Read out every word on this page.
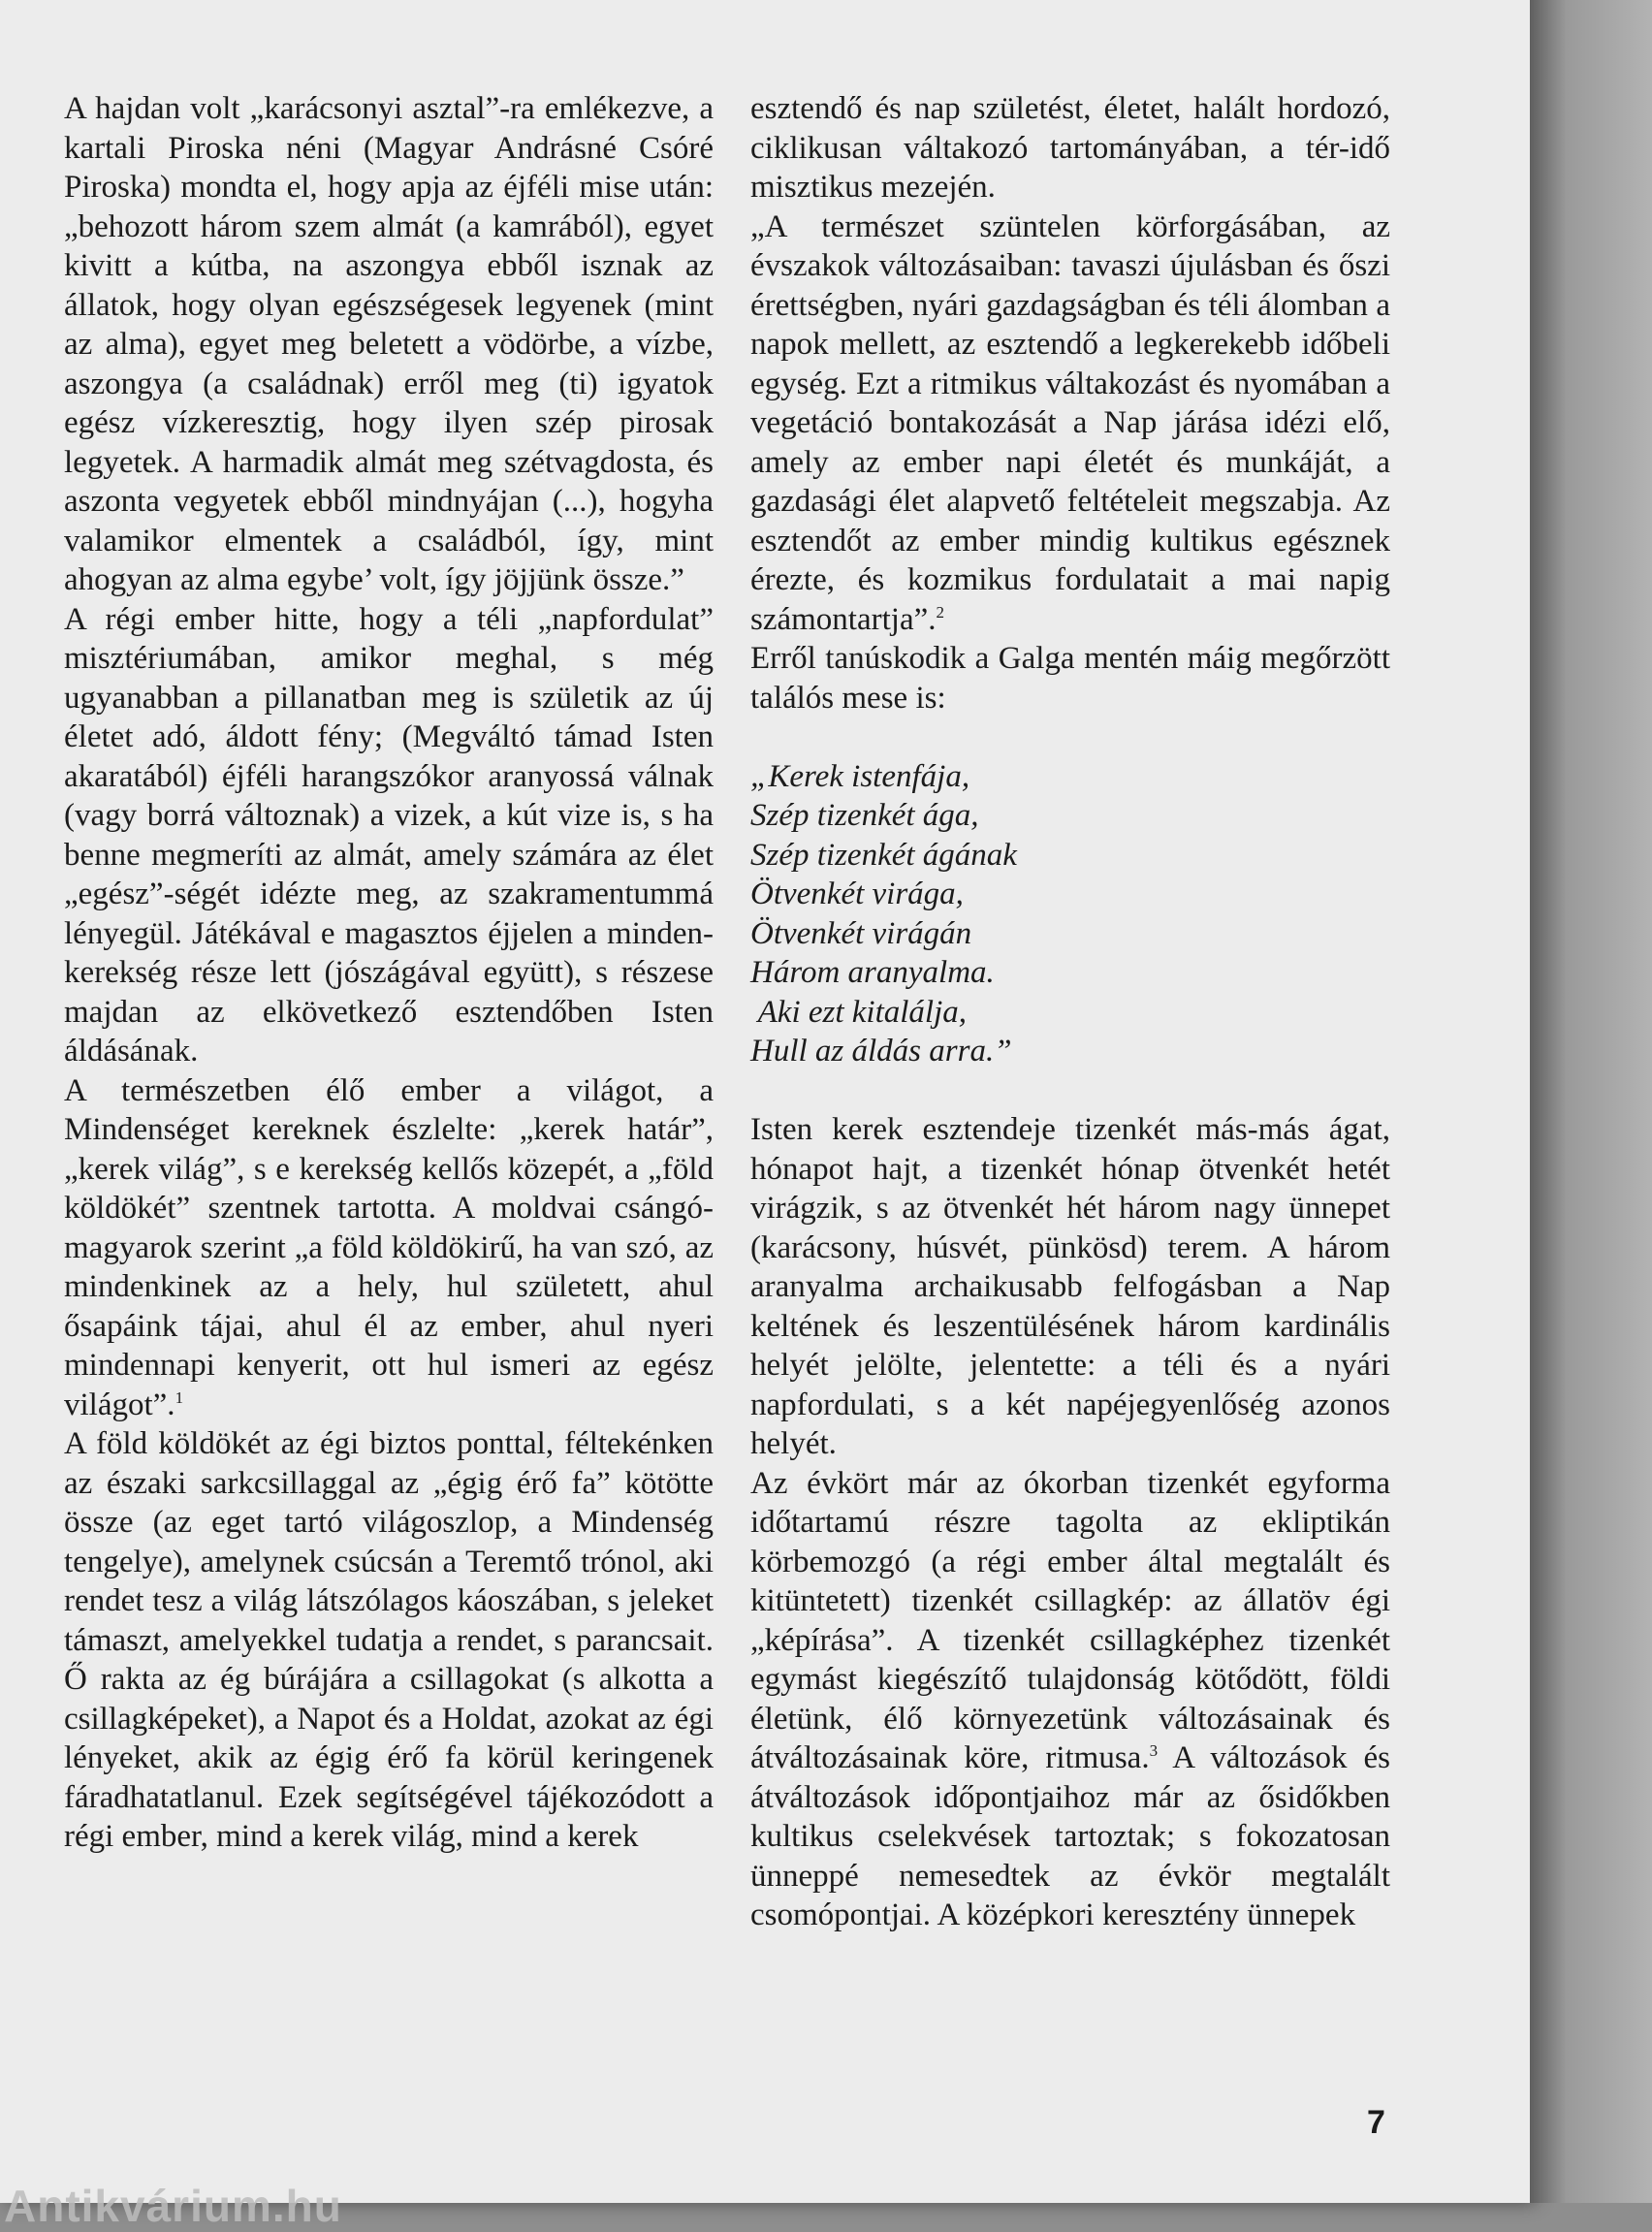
A hajdan volt „karácsonyi asztal”-ra emlékezve, a kartali Piroska néni (Magyar Andrásné Csóré Piroska) mondta el, hogy apja az éjféli mise után: „behozott három szem almát (a kamrából), egyet kivitt a kútba, na aszongya ebből isznak az állatok, hogy olyan egészségesek legyenek (mint az alma), egyet meg beletett a vödörbe, a vízbe, aszongya (a családnak) erről meg (ti) igyatok egész vízkeresztig, hogy ilyen szép pirosak legyetek. A harmadik almát meg szétvagdosta, és aszonta vegyetek ebből mindnyájan (...), hogyha valamikor elmentek a családból, így, mint ahogyan az alma egybe’ volt, így jöjjünk össze.”

A régi ember hitte, hogy a téli „napfordulat” misztériumában, amikor meghal, s még ugyanabban a pillanatban meg is születik az új életet adó, áldott fény; (Megváltó támad Isten akaratából) éjféli harangszókor aranyossá válnak (vagy borrá változnak) a vizek, a kút vize is, s ha benne megmeríti az almát, amely számára az élet „egész”-ségét idézte meg, az szakramentummá lényegül. Játékával e magasztos éjjelen a minden-kerekség része lett (jószágával együtt), s részese majdan az elkövetkező esztendőben Isten áldásának.

A természetben élő ember a világot, a Mindenséget kereknek észlelte: „kerek határ”, „kerek világ”, s e kerekség kellős közepét, a „föld köldökét” szentnek tartotta. A moldvai csángó-magyarok szerint „a föld köldökirű, ha van szó, az mindenkinek az a hely, hul született, ahul ősapáink tájai, ahul él az ember, ahul nyeri mindennapi kenyerit, ott hul ismeri az egész világot”.$^1$

A föld köldökét az égi biztos ponttal, féltekénken az északi sarkcsillaggal az „égig érő fa” kötötte össze (az eget tartó világoszlop, a Mindenség tengelye), amelynek csúcsán a Teremtő trónol, aki rendet tesz a világ látszólagos káoszában, s jeleket támaszt, amelyekkel tudatja a rendet, s parancsait. Ő rakta az ég búrájára a csillagokat (s alkotta a csillagképeket), a Napot és a Holdat, azokat az égi lényeket, akik az égig érő fa körül keringenek fáradhatatlanul. Ezek segítségével tájékozódott a régi ember, mind a kerek világ, mind a kerek

esztendő és nap születést, életet, halált hordozó, ciklikusan váltakozó tartományában, a tér-idő misztikus mezején.

„A természet szüntelen körforgásában, az évszakok változásaiban: tavaszi újulásban és őszi érettségben, nyári gazdagságban és téli álomban a napok mellett, az esztendő a legkerekebb időbeli egység. Ezt a ritmikus váltakozást és nyomában a vegetáció bontakozását a Nap járása idézi elő, amely az ember napi életét és munkáját, a gazdasági élet alapvető feltételeit megszabja. Az esztendőt az ember mindig kultikus egésznek érezte, és kozmikus fordulatait a mai napig számontartja”.$^2$

Erről tanúskodik a Galga mentén máig megőrzött találós mese is:

„Kerek istenfája,
Szép tizenkét ága,
Szép tizenkét ágának
Ötvenkét virága,
Ötvenkét virágán
Három aranyalma.
Aki ezt kitalálja,
Hull az áldás arra.”

Isten kerek esztendeje tizenkét más-más ágat, hónapot hajt, a tizenkét hónap ötvenkét hetét virágzik, s az ötvenkét hét három nagy ünnepet (karácsony, húsvét, pünkösd) terem. A három aranyalma archaikusabb felfogásban a Nap keltének és leszentülésének három kardinális helyét jelölte, jelentette: a téli és a nyári napfordulati, s a két napéjegyenlőség azonos helyét.

Az évkört már az ókorban tizenkét egyforma időtartamú részre tagolta az ekliptikán körbemozgó (a régi ember által megtalált és kitüntetett) tizenkét csillagkép: az állatöv égi „képírása”. A tizenkét csillagképhez tizenkét egymást kiegészítő tulajdonság kötődött, földi életünk, élő környezetünk változásainak és átváltozásainak köre, ritmusa.$^3$ A változások és átváltozások időpontjaihoz már az ősidőkben kultikus cselekvések tartoztak; s fokozatosan ünneppé nemesedtek az évkör megtalált csomópontjai. A középkori keresztény ünnepek

7
Antikvárium.hu
